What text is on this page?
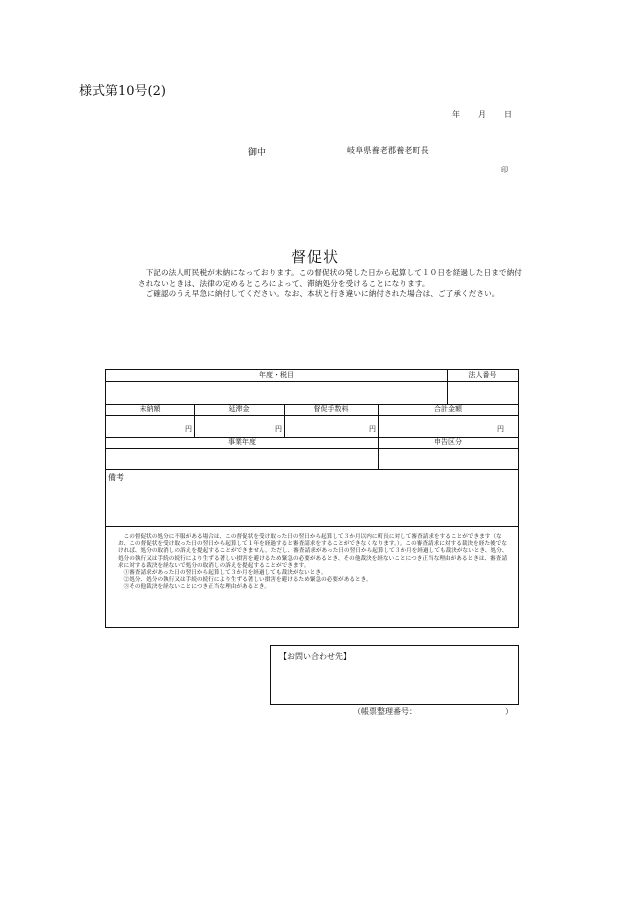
様式第10号(2)
年 月 日
御中	岐阜県養老郡養老町長
印
督促状

下記の法人町民税が未納になっております。この督促状の発した日から起算して１０日を経過した日まで納付されないときは、法律の定めるところによって、滞納処分を受けることになります。

ご確認のうえ早急に納付してください。なお、本状と行き違いに納付された場合は、ご了承ください。

年度・税目	法人番号
未納額	延滞金	督促手数料	合計金額
円	円	円	円
事業年度	申告区分
備考

この督促状の処分に不服がある場合は、この督促状を受け取った日の翌日から起算して３か月以内に町長に対して審査請求をすることができます（なお、この督促状を受け取った日の翌日から起算して１年を経過すると審査請求をすることができなくなります。）。この審査請求に対する裁決を経た後でなければ、処分の取消しの訴えを提起することができません。ただし、審査請求があった日の翌日から起算して３か月を経過しても裁決がないとき、処分、処分の執行又は手続の続行により生ずる著しい損害を避けるため緊急の必要があるとき、その他裁決を経ないことにつき正当な理由があるときは、審査請求に対する裁決を経ないで処分の取消しの訴えを提起することができます。

①審査請求があった日の翌日から起算して３か月を経過しても裁決がないとき。

②処分、処分の執行又は手続の続行により生ずる著しい損害を避けるため緊急の必要があるとき。

③その他裁決を経ないことにつき正当な理由があるとき。

【お問い合わせ先】
（帳票整理番号：	）
